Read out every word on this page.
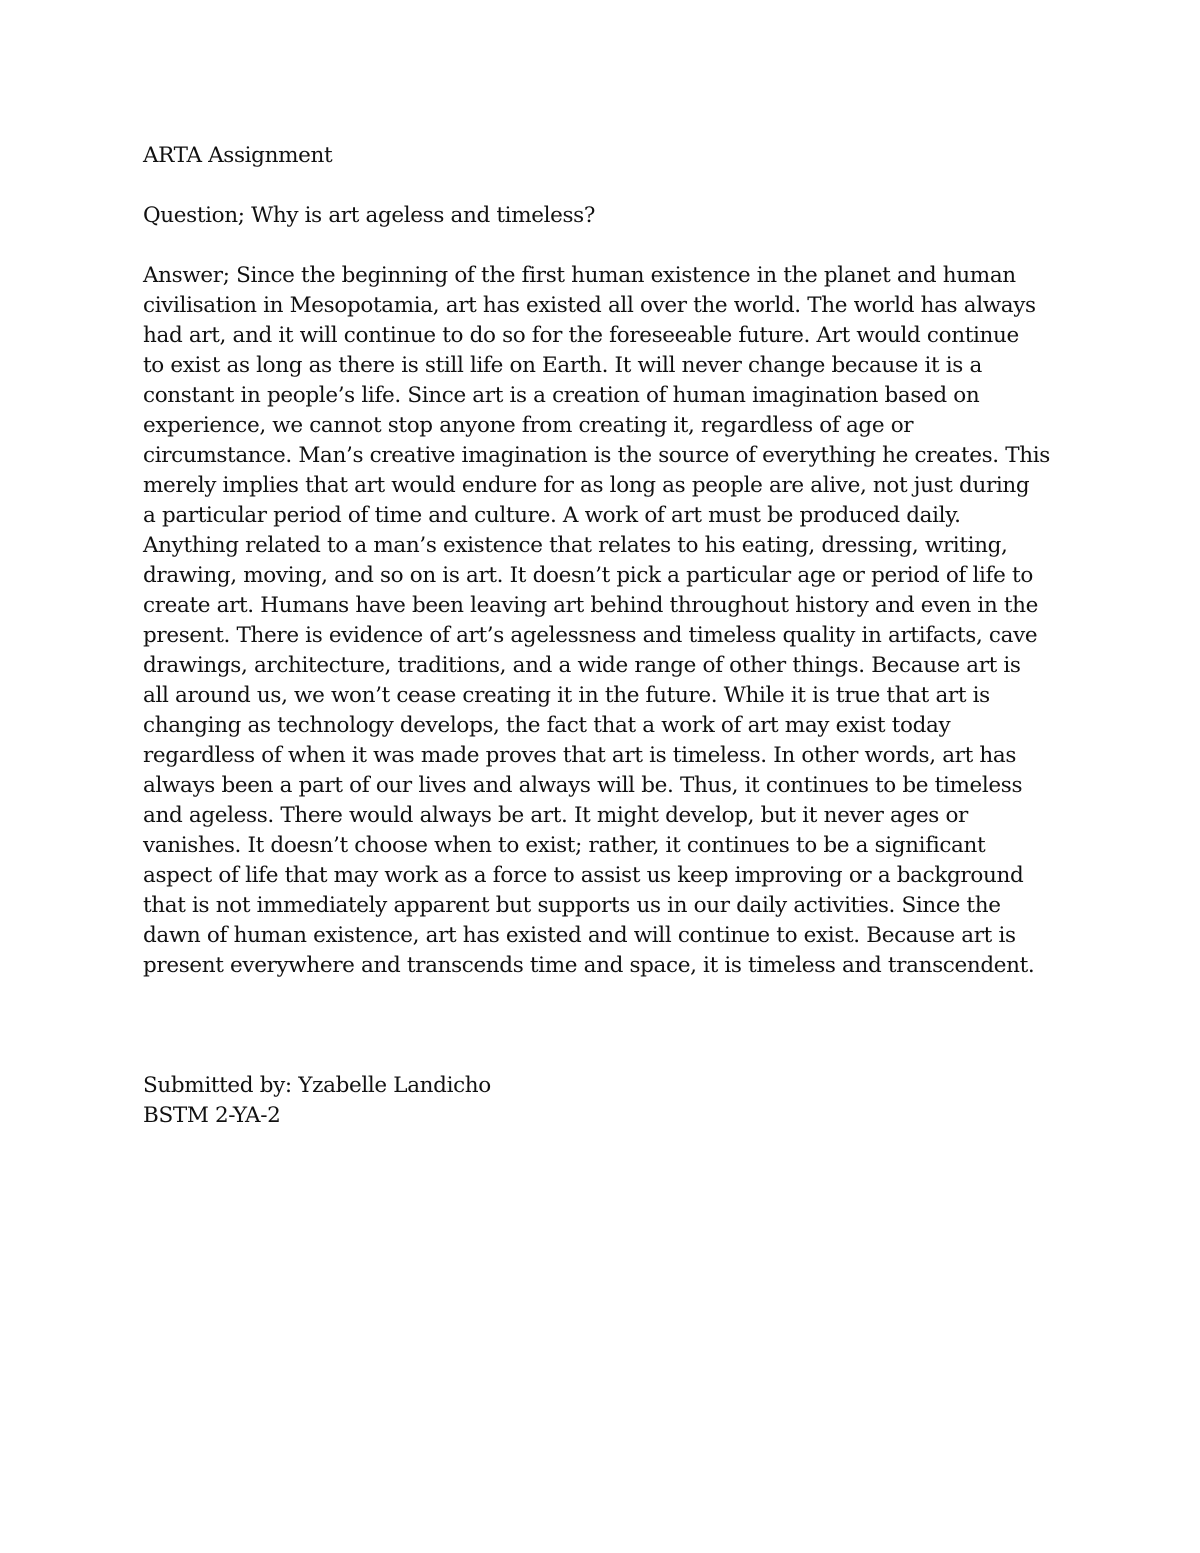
ARTA Assignment
Question; Why is art ageless and timeless?
Answer; Since the beginning of the first human existence in the planet and human
civilisation in Mesopotamia, art has existed all over the world. The world has always
had art, and it will continue to do so for the foreseeable future. Art would continue
to exist as long as there is still life on Earth. It will never change because it is a
constant in people’s life. Since art is a creation of human imagination based on
experience, we cannot stop anyone from creating it, regardless of age or
circumstance. Man’s creative imagination is the source of everything he creates. This
merely implies that art would endure for as long as people are alive, not just during
a particular period of time and culture. A work of art must be produced daily.
Anything related to a man’s existence that relates to his eating, dressing, writing,
drawing, moving, and so on is art. It doesn’t pick a particular age or period of life to
create art. Humans have been leaving art behind throughout history and even in the
present. There is evidence of art’s agelessness and timeless quality in artifacts, cave
drawings, architecture, traditions, and a wide range of other things. Because art is
all around us, we won’t cease creating it in the future. While it is true that art is
changing as technology develops, the fact that a work of art may exist today
regardless of when it was made proves that art is timeless. In other words, art has
always been a part of our lives and always will be. Thus, it continues to be timeless
and ageless. There would always be art. It might develop, but it never ages or
vanishes. It doesn’t choose when to exist; rather, it continues to be a significant
aspect of life that may work as a force to assist us keep improving or a background
that is not immediately apparent but supports us in our daily activities. Since the
dawn of human existence, art has existed and will continue to exist. Because art is
present everywhere and transcends time and space, it is timeless and transcendent.
Submitted by: Yzabelle Landicho
BSTM 2-YA-2
